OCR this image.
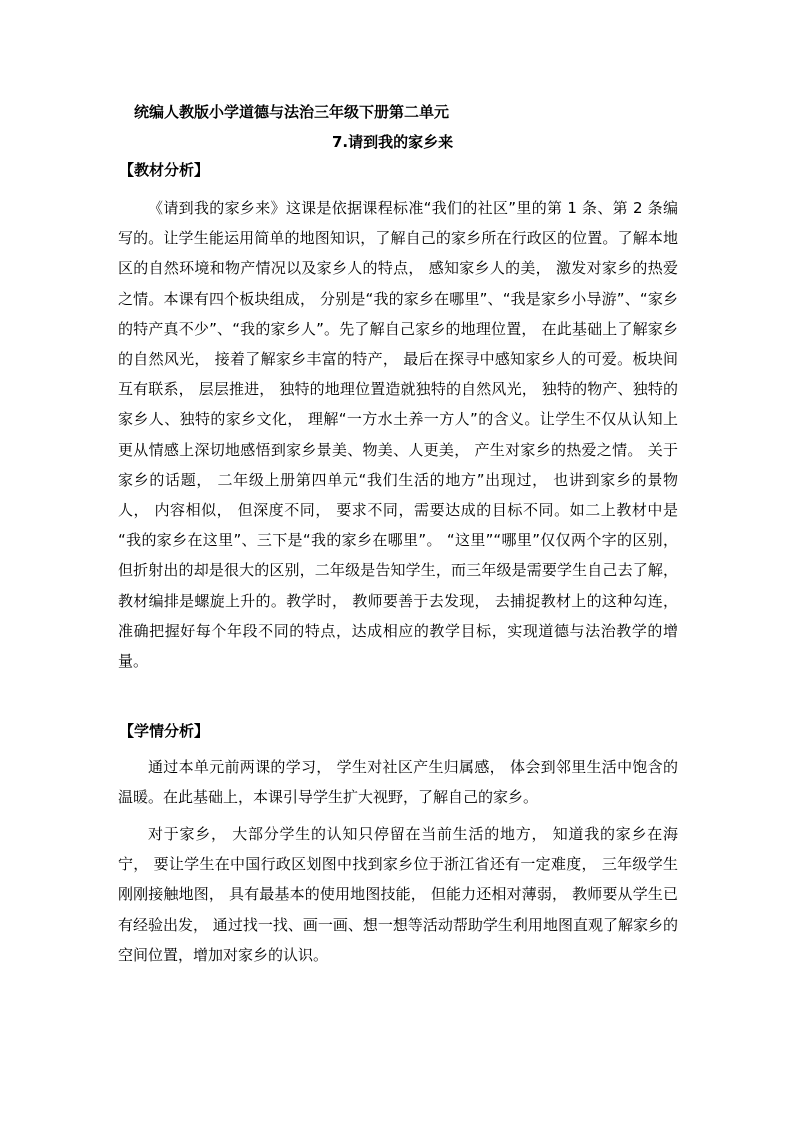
统编人教版小学道德与法治三年级下册第二单元
7.请到我的家乡来
【教材分析】

《请到我的家乡来》这课是依据课程标准“我们的社区”里的第 1 条、第 2 条编写的。让学生能运用简单的地图知识，了解自己的家乡所在行政区的位置。了解本地区的自然环境和物产情况以及家乡人的特点， 感知家乡人的美， 激发对家乡的热爱之情。本课有四个板块组成， 分别是“我的家乡在哪里”、“我是家乡小导游”、“家乡的特产真不少”、“我的家乡人”。先了解自己家乡的地理位置， 在此基础上了解家乡的自然风光， 接着了解家乡丰富的特产， 最后在探寻中感知家乡人的可爱。板块间互有联系， 层层推进， 独特的地理位置造就独特的自然风光， 独特的物产、独特的家乡人、独特的家乡文化， 理解“一方水土养一方人”的含义。让学生不仅从认知上更从情感上深切地感悟到家乡景美、物美、人更美， 产生对家乡的热爱之情。 关于家乡的话题， 二年级上册第四单元“我们生活的地方”出现过， 也讲到家乡的景物人， 内容相似， 但深度不同， 要求不同，需要达成的目标不同。如二上教材中是 “我的家乡在这里”、三下是“我的家乡在哪里”。 “这里”“哪里”仅仅两个字的区别， 但折射出的却是很大的区别，二年级是告知学生，而三年级是需要学生自己去了解，教材编排是螺旋上升的。教学时， 教师要善于去发现， 去捕捉教材上的这种勾连， 准确把握好每个年段不同的特点，达成相应的教学目标，实现道德与法治教学的增量。

【学情分析】

通过本单元前两课的学习， 学生对社区产生归属感， 体会到邻里生活中饱含的温暖。在此基础上，本课引导学生扩大视野，了解自己的家乡。

对于家乡， 大部分学生的认知只停留在当前生活的地方， 知道我的家乡在海宁， 要让学生在中国行政区划图中找到家乡位于浙江省还有一定难度， 三年级学生刚刚接触地图， 具有最基本的使用地图技能， 但能力还相对薄弱， 教师要从学生已有经验出发， 通过找一找、画一画、想一想等活动帮助学生利用地图直观了解家乡的空间位置，增加对家乡的认识。
